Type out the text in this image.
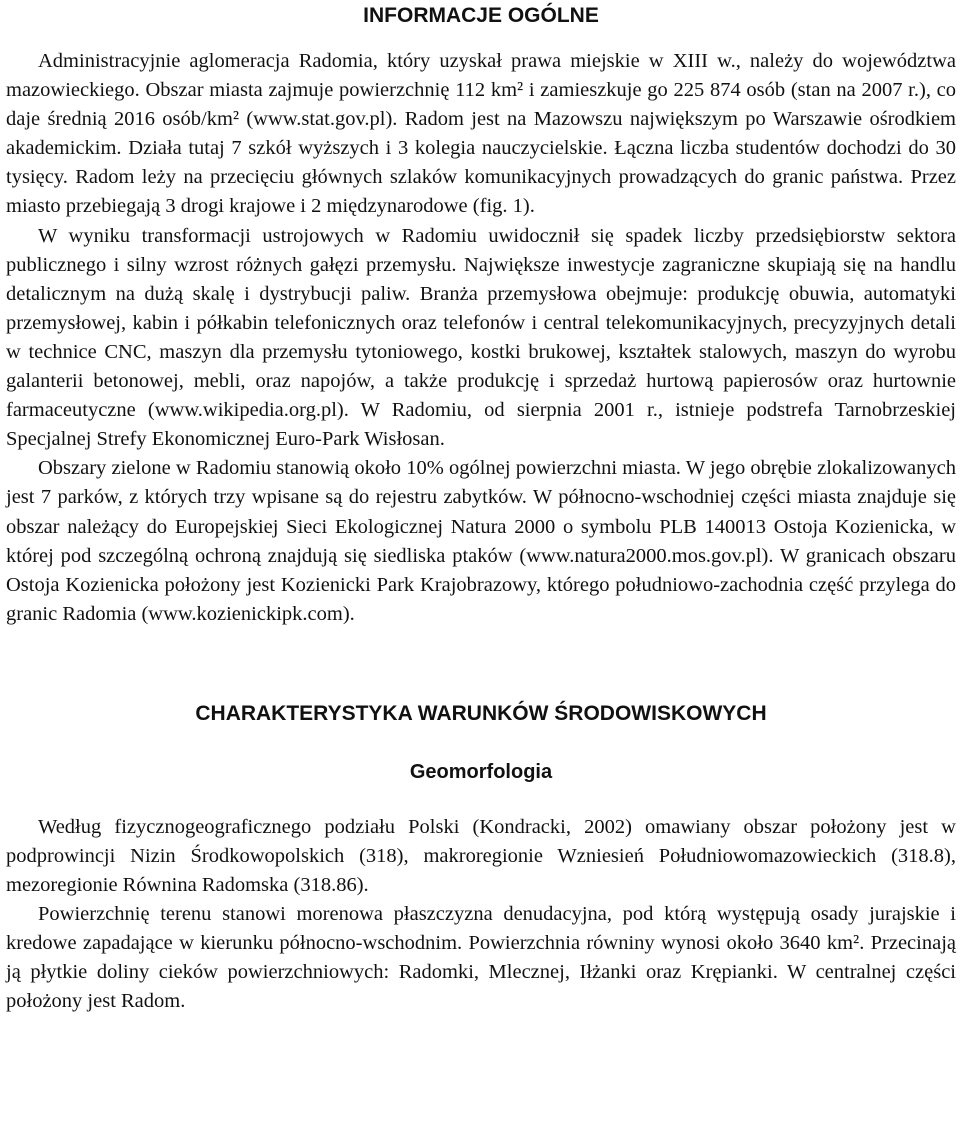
INFORMACJE OGÓLNE

Administracyjnie aglomeracja Radomia, który uzyskał prawa miejskie w XIII w., należy do województwa mazowieckiego. Obszar miasta zajmuje powierzchnię 112 km² i zamieszkuje go 225 874 osób (stan na 2007 r.), co daje średnią 2016 osób/km² (www.stat.gov.pl). Radom jest na Mazowszu największym po Warszawie ośrodkiem akademickim. Działa tutaj 7 szkół wyższych i 3 kolegia nauczycielskie. Łączna liczba studentów dochodzi do 30 tysięcy. Radom leży na przecięciu głównych szlaków komunikacyjnych prowadzących do granic państwa. Przez miasto przebiegają 3 drogi krajowe i 2 międzynarodowe (fig. 1).

W wyniku transformacji ustrojowych w Radomiu uwidocznił się spadek liczby przedsiębiorstw sektora publicznego i silny wzrost różnych gałęzi przemysłu. Największe inwestycje zagraniczne skupiają się na handlu detalicznym na dużą skalę i dystrybucji paliw. Branża przemysłowa obejmuje: produkcję obuwia, automatyki przemysłowej, kabin i półkabin telefonicznych oraz telefonów i central telekomunikacyjnych, precyzyjnych detali w technice CNC, maszyn dla przemysłu tytoniowego, kostki brukowej, kształtek stalowych, maszyn do wyrobu galanterii betonowej, mebli, oraz napojów, a także produkcję i sprzedaż hurtową papierosów oraz hurtownie farmaceutyczne (www.wikipedia.org.pl). W Radomiu, od sierpnia 2001 r., istnieje podstrefa Tarnobrzeskiej Specjalnej Strefy Ekonomicznej Euro-Park Wisłosan.

Obszary zielone w Radomiu stanowią około 10% ogólnej powierzchni miasta. W jego obrębie zlokalizowanych jest 7 parków, z których trzy wpisane są do rejestru zabytków. W północno-wschodniej części miasta znajduje się obszar należący do Europejskiej Sieci Ekologicznej Natura 2000 o symbolu PLB 140013 Ostoja Kozienicka, w której pod szczególną ochroną znajdują się siedliska ptaków (www.natura2000.mos.gov.pl). W granicach obszaru Ostoja Kozienicka położony jest Kozienicki Park Krajobrazowy, którego południowo-zachodnia część przylega do granic Radomia (www.kozienickipk.com).

CHARAKTERYSTYKA WARUNKÓW ŚRODOWISKOWYCH
Geomorfologia

Według fizycznogeograficznego podziału Polski (Kondracki, 2002) omawiany obszar położony jest w podprowincji Nizin Środkowopolskich (318), makroregionie Wzniesień Południowomazowieckich (318.8), mezoregionie Równina Radomska (318.86).

Powierzchnię terenu stanowi morenowa płaszczyzna denudacyjna, pod którą występują osady jurajskie i kredowe zapadające w kierunku północno-wschodnim. Powierzchnia równiny wynosi około 3640 km². Przecinają ją płytkie doliny cieków powierzchniowych: Radomki, Mlecznej, Iłżanki oraz Krępianki. W centralnej części położony jest Radom.
